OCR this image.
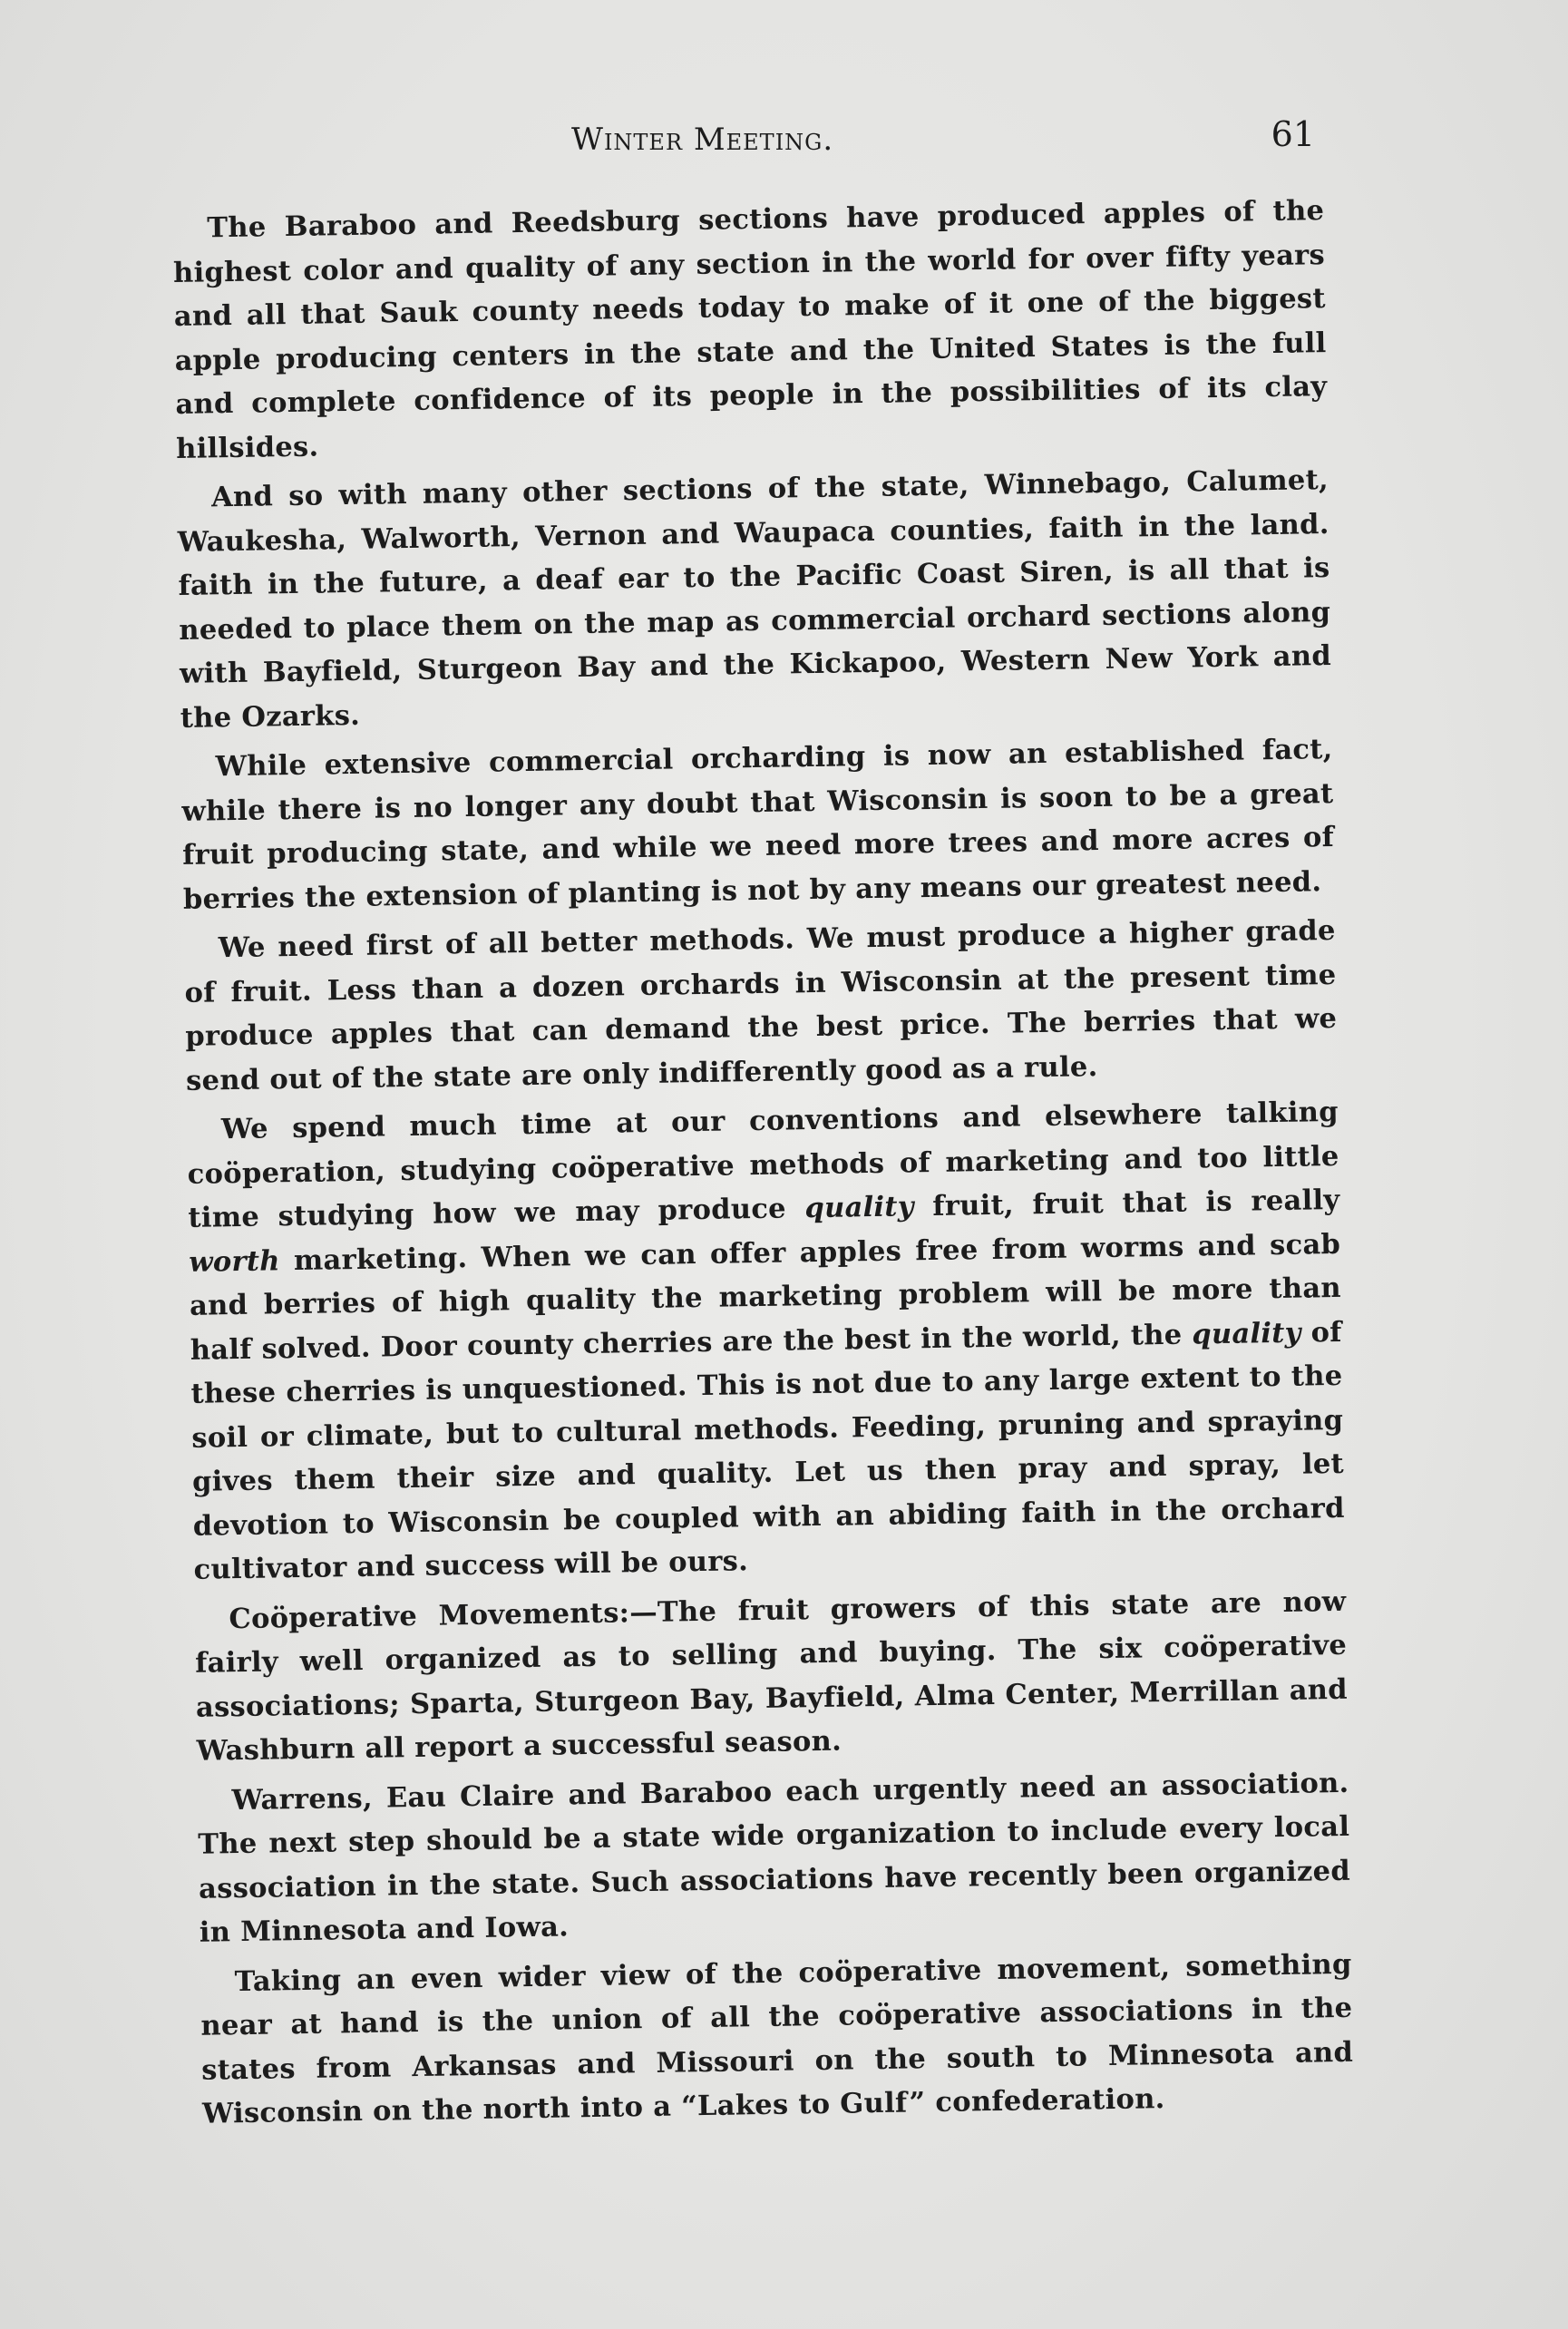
Winter Meeting.	61

The Baraboo and Reedsburg sections have produced apples of the highest color and quality of any section in the world for over fifty years and all that Sauk county needs today to make of it one of the biggest apple producing centers in the state and the United States is the full and complete confidence of its people in the possibilities of its clay hillsides.

And so with many other sections of the state, Winnebago, Calumet, Waukesha, Walworth, Vernon and Waupaca counties, faith in the land. faith in the future, a deaf ear to the Pacific Coast Siren, is all that is needed to place them on the map as commercial orchard sections along with Bayfield, Sturgeon Bay and the Kickapoo, Western New York and the Ozarks.

While extensive commercial orcharding is now an established fact, while there is no longer any doubt that Wisconsin is soon to be a great fruit producing state, and while we need more trees and more acres of berries the extension of planting is not by any means our greatest need.

We need first of all better methods. We must produce a higher grade of fruit. Less than a dozen orchards in Wisconsin at the present time produce apples that can demand the best price. The berries that we send out of the state are only indifferently good as a rule.

We spend much time at our conventions and elsewhere talking coöperation, studying coöperative methods of marketing and too little time studying how we may produce quality fruit, fruit that is really worth marketing. When we can offer apples free from worms and scab and berries of high quality the marketing problem will be more than half solved. Door county cherries are the best in the world, the quality of these cherries is unquestioned. This is not due to any large extent to the soil or climate, but to cultural methods. Feeding, pruning and spraying gives them their size and quality. Let us then pray and spray, let devotion to Wisconsin be coupled with an abiding faith in the orchard cultivator and success will be ours.

Coöperative Movements:—The fruit growers of this state are now fairly well organized as to selling and buying. The six coöperative associations; Sparta, Sturgeon Bay, Bayfield, Alma Center, Merrillan and Washburn all report a successful season.

Warrens, Eau Claire and Baraboo each urgently need an association. The next step should be a state wide organization to include every local association in the state. Such associations have recently been organized in Minnesota and Iowa.

Taking an even wider view of the coöperative movement, something near at hand is the union of all the coöperative associations in the states from Arkansas and Missouri on the south to Minnesota and Wisconsin on the north into a “Lakes to Gulf” confederation.
